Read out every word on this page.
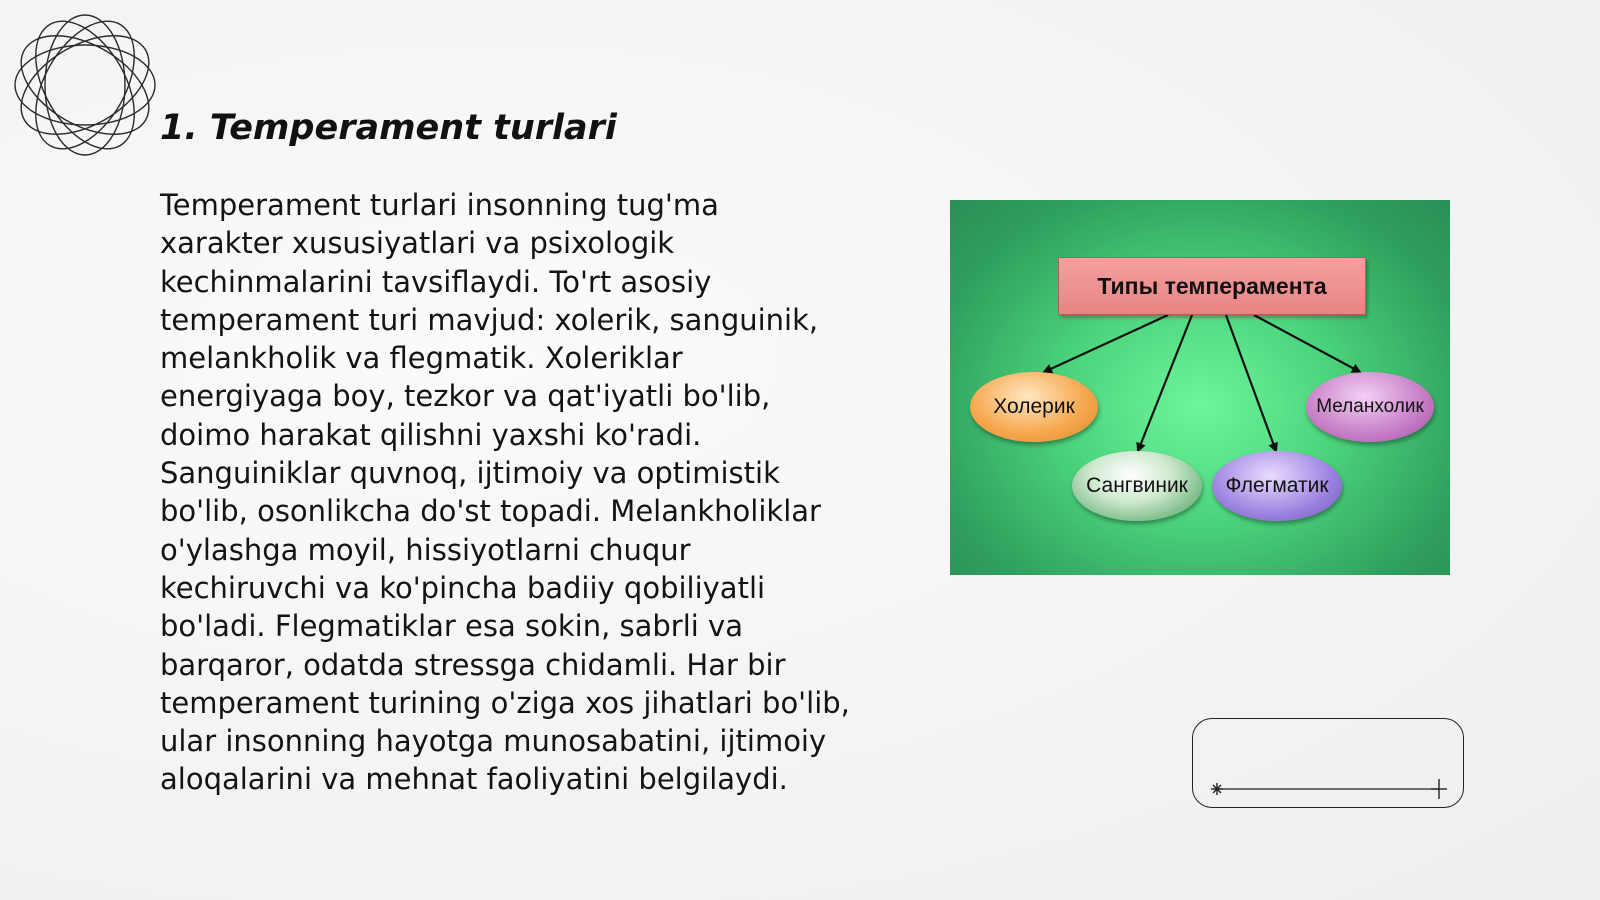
1. Temperament turlari

Temperament turlari insonning tug'ma xarakter xususiyatlari va psixologik kechinmalarini tavsiflaydi. To'rt asosiy temperament turi mavjud: xolerik, sanguinik, melankholik va flegmatik. Xoleriklar energiyaga boy, tezkor va qat'iyatli bo'lib, doimo harakat qilishni yaxshi ko'radi. Sanguiniklar quvnoq, ijtimoiy va optimistik bo'lib, osonlikcha do'st topadi. Melankholiklar o'ylashga moyil, hissiyotlarni chuqur kechiruvchi va ko'pincha badiiy qobiliyatli bo'ladi. Flegmatiklar esa sokin, sabrli va barqaror, odatda stressga chidamli. Har bir temperament turining o'ziga xos jihatlari bo'lib, ular insonning hayotga munosabatini, ijtimoiy aloqalarini va mehnat faoliyatini belgilaydi.

Типы темперамента
Холерик	Меланхолик
Сангвиник	Флегматик
